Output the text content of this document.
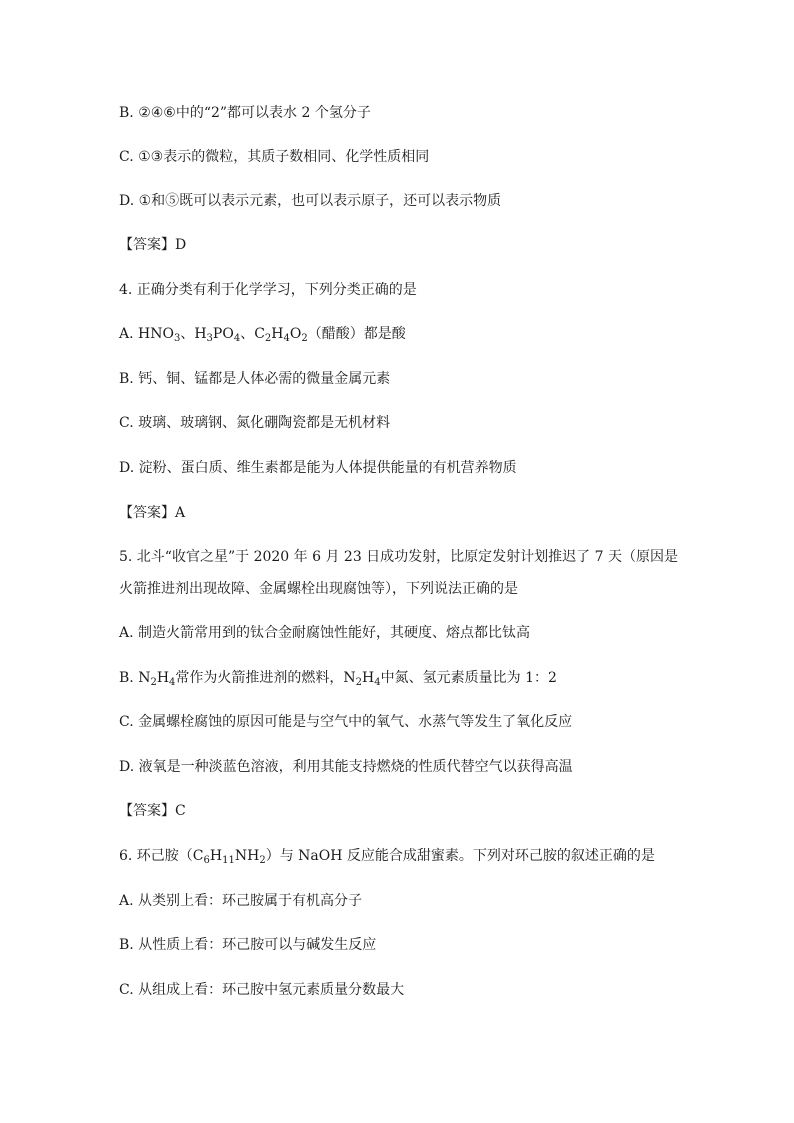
B. ②④⑥中的“2”都可以表水 2 个氢分子
C. ①③表示的微粒，其质子数相同、化学性质相同
D. ①和⑤既可以表示元素，也可以表示原子，还可以表示物质
【答案】D
4. 正确分类有利于化学学习，下列分类正确的是
A. $HNO_3$、$H_3PO_4$、$C_2H_4O_2$（醋酸）都是酸
B. 钙、铜、锰都是人体必需的微量金属元素
C. 玻璃、玻璃钢、氮化硼陶瓷都是无机材料
D. 淀粉、蛋白质、维生素都是能为人体提供能量的有机营养物质
【答案】A
5. 北斗“收官之星”于 2020 年 6 月 23 日成功发射，比原定发射计划推迟了 7 天（原因是
火箭推进剂出现故障、金属螺栓出现腐蚀等），下列说法正确的是
A. 制造火箭常用到的钛合金耐腐蚀性能好，其硬度、熔点都比钛高
B. $N_2H_4$常作为火箭推进剂的燃料，$N_2H_4$中氮、氢元素质量比为 1：2
C. 金属螺栓腐蚀的原因可能是与空气中的氧气、水蒸气等发生了氧化反应
D. 液氧是一种淡蓝色溶液，利用其能支持燃烧的性质代替空气以获得高温
【答案】C
6. 环己胺$(C_6H_{11}NH_2)$与 NaOH 反应能合成甜蜜素。下列对环己胺的叙述正确的是
A. 从类别上看：环己胺属于有机高分子
B. 从性质上看：环己胺可以与碱发生反应
C. 从组成上看：环己胺中氢元素质量分数最大
